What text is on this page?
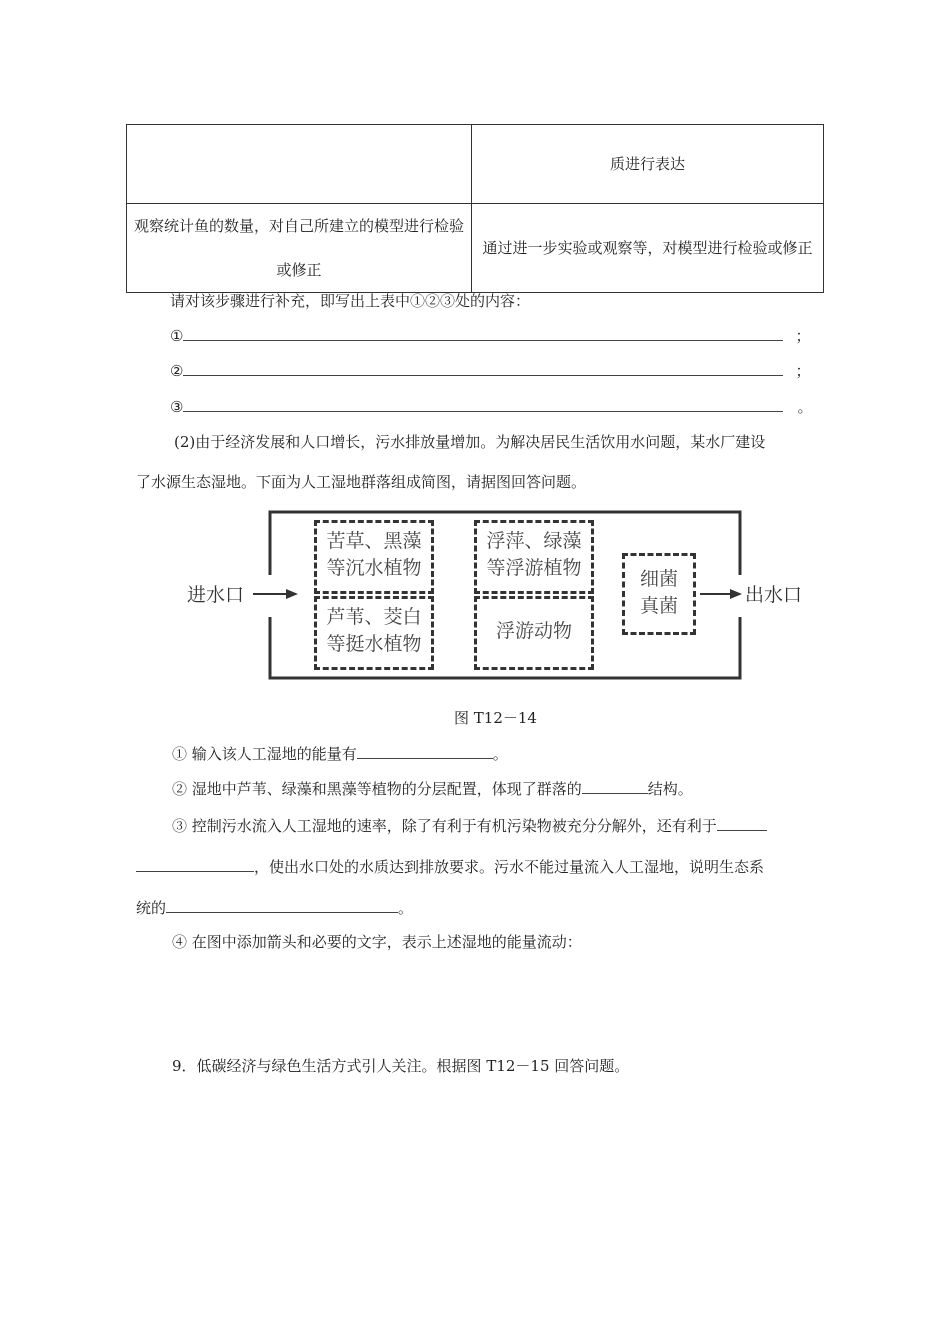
	质进行表达
观察统计鱼的数量，对自己所建立的模型进行检验或修正	通过进一步实验或观察等，对模型进行检验或修正
请对该步骤进行补充，即写出上表中①②③处的内容：
①	；
②	；
③	。
(2)由于经济发展和人口增长，污水排放量增加。为解决居民生活饮用水问题，某水厂建设
了水源生态湿地。下面为人工湿地群落组成简图，请据图回答问题。
进水口	出水口
苦草、黑藻
等沉水植物
芦苇、茭白
等挺水植物
浮萍、绿藻
等浮游植物
浮游动物
细菌
真菌
图 T12－14
① 输入该人工湿地的能量有	。
② 湿地中芦苇、绿藻和黑藻等植物的分层配置，体现了群落的	结构。
③ 控制污水流入人工湿地的速率，除了有利于有机污染物被充分分解外，还有利于
，使出水口处的水质达到排放要求。污水不能过量流入人工湿地，说明生态系
统的	。
④ 在图中添加箭头和必要的文字，表示上述湿地的能量流动：
9．低碳经济与绿色生活方式引人关注。根据图 T12－15 回答问题。
